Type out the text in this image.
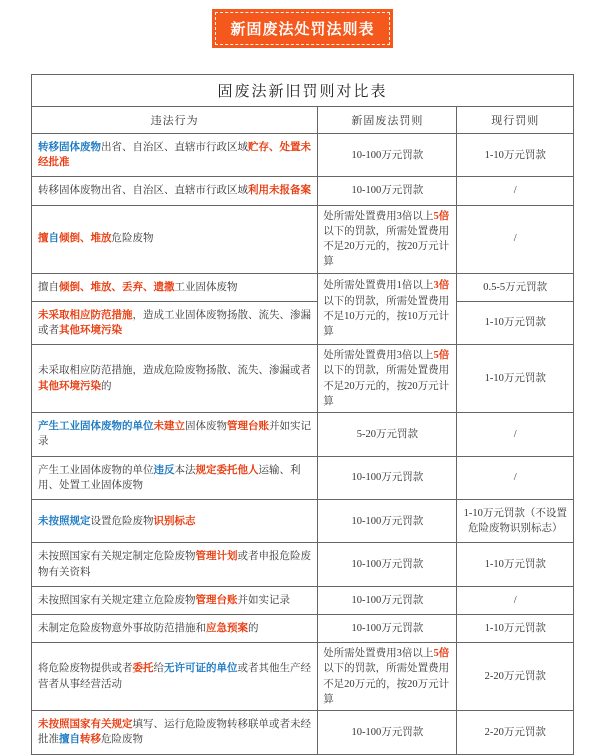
新固废法处罚法则表
固废法新旧罚则对比表		
违法行为	新固废法罚则	现行罚则
转移固体废物出省、自治区、直辖市行政区域贮存、处置未经批准	10-100万元罚款	1-10万元罚款
转移固体废物出省、自治区、直辖市行政区域利用未报备案	10-100万元罚款	/
擅自倾倒、堆放危险废物	处所需处置费用3倍以上5倍以下的罚款，所需处置费用不足20万元的，按20万元计算	/
擅自倾倒、堆放、丢弃、遗撒工业固体废物	处所需处置费用1倍以上3倍以下的罚款，所需处置费用不足10万元的，按10万元计算	0.5-5万元罚款
未采取相应防范措施，造成工业固体废物扬散、流失、渗漏或者其他环境污染		1-10万元罚款
未采取相应防范措施，造成危险废物扬散、流失、渗漏或者其他环境污染的	处所需处置费用3倍以上5倍以下的罚款，所需处置费用不足20万元的，按20万元计算	1-10万元罚款
产生工业固体废物的单位未建立固体废物管理台账并如实记录	5-20万元罚款	/
产生工业固体废物的单位违反本法规定委托他人运输、利用、处置工业固体废物	10-100万元罚款	/
未按照规定设置危险废物识别标志	10-100万元罚款	1-10万元罚款（不设置危险废物识别标志）
未按照国家有关规定制定危险废物管理计划或者申报危险废物有关资料	10-100万元罚款	1-10万元罚款
未按照国家有关规定建立危险废物管理台账并如实记录	10-100万元罚款	/
未制定危险废物意外事故防范措施和应急预案的	10-100万元罚款	1-10万元罚款
将危险废物提供或者委托给无许可证的单位或者其他生产经营者从事经营活动	处所需处置费用3倍以上5倍以下的罚款，所需处置费用不足20万元的，按20万元计算	2-20万元罚款
未按照国家有关规定填写、运行危险废物转移联单或者未经批准擅自转移危险废物	10-100万元罚款	2-20万元罚款
